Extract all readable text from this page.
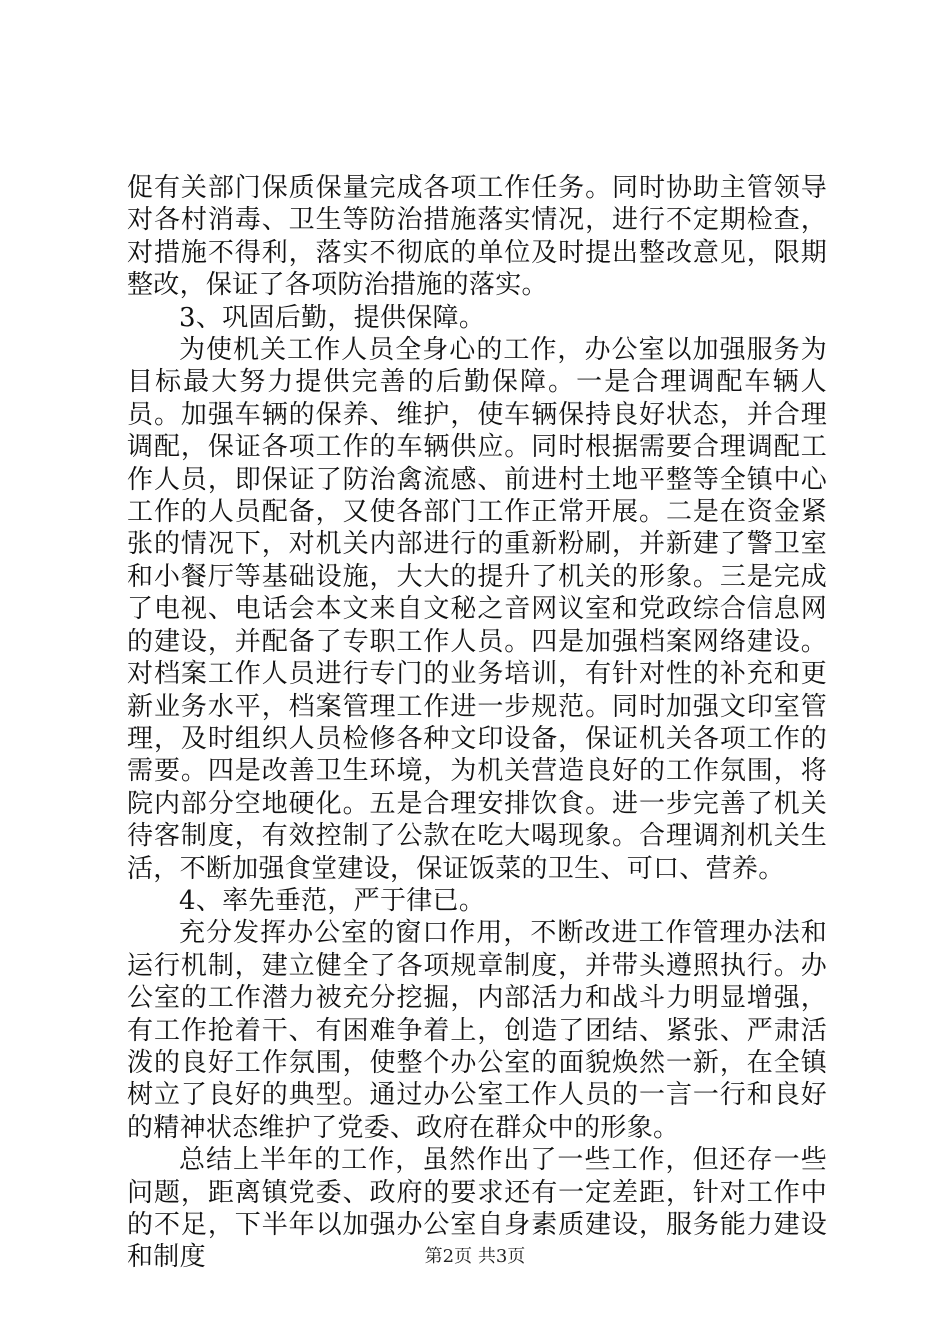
促有关部门保质保量完成各项工作任务。同时协助主管领导对各村消毒、卫生等防治措施落实情况，进行不定期检查，对措施不得利，落实不彻底的单位及时提出整改意见，限期整改，保证了各项防治措施的落实。

3、巩固后勤，提供保障。

为使机关工作人员全身心的工作，办公室以加强服务为目标最大努力提供完善的后勤保障。一是合理调配车辆人员。加强车辆的保养、维护，使车辆保持良好状态，并合理调配，保证各项工作的车辆供应。同时根据需要合理调配工作人员，即保证了防治禽流感、前进村土地平整等全镇中心工作的人员配备，又使各部门工作正常开展。二是在资金紧张的情况下，对机关内部进行的重新粉刷，并新建了警卫室和小餐厅等基础设施，大大的提升了机关的形象。三是完成了电视、电话会本文来自文秘之音网议室和党政综合信息网的建设，并配备了专职工作人员。四是加强档案网络建设。对档案工作人员进行专门的业务培训，有针对性的补充和更新业务水平，档案管理工作进一步规范。同时加强文印室管理，及时组织人员检修各种文印设备，保证机关各项工作的需要。四是改善卫生环境，为机关营造良好的工作氛围，将院内部分空地硬化。五是合理安排饮食。进一步完善了机关待客制度，有效控制了公款在吃大喝现象。合理调剂机关生活，不断加强食堂建设，保证饭菜的卫生、可口、营养。

4、率先垂范，严于律已。

充分发挥办公室的窗口作用，不断改进工作管理办法和运行机制，建立健全了各项规章制度，并带头遵照执行。办公室的工作潜力被充分挖掘，内部活力和战斗力明显增强，有工作抢着干、有困难争着上，创造了团结、紧张、严肃活泼的良好工作氛围，使整个办公室的面貌焕然一新，在全镇树立了良好的典型。通过办公室工作人员的一言一行和良好的精神状态维护了党委、政府在群众中的形象。

总结上半年的工作，虽然作出了一些工作，但还存一些问题，距离镇党委、政府的要求还有一定差距，针对工作中的不足，下半年以加强办公室自身素质建设，服务能力建设和制度	第2页 共3页
